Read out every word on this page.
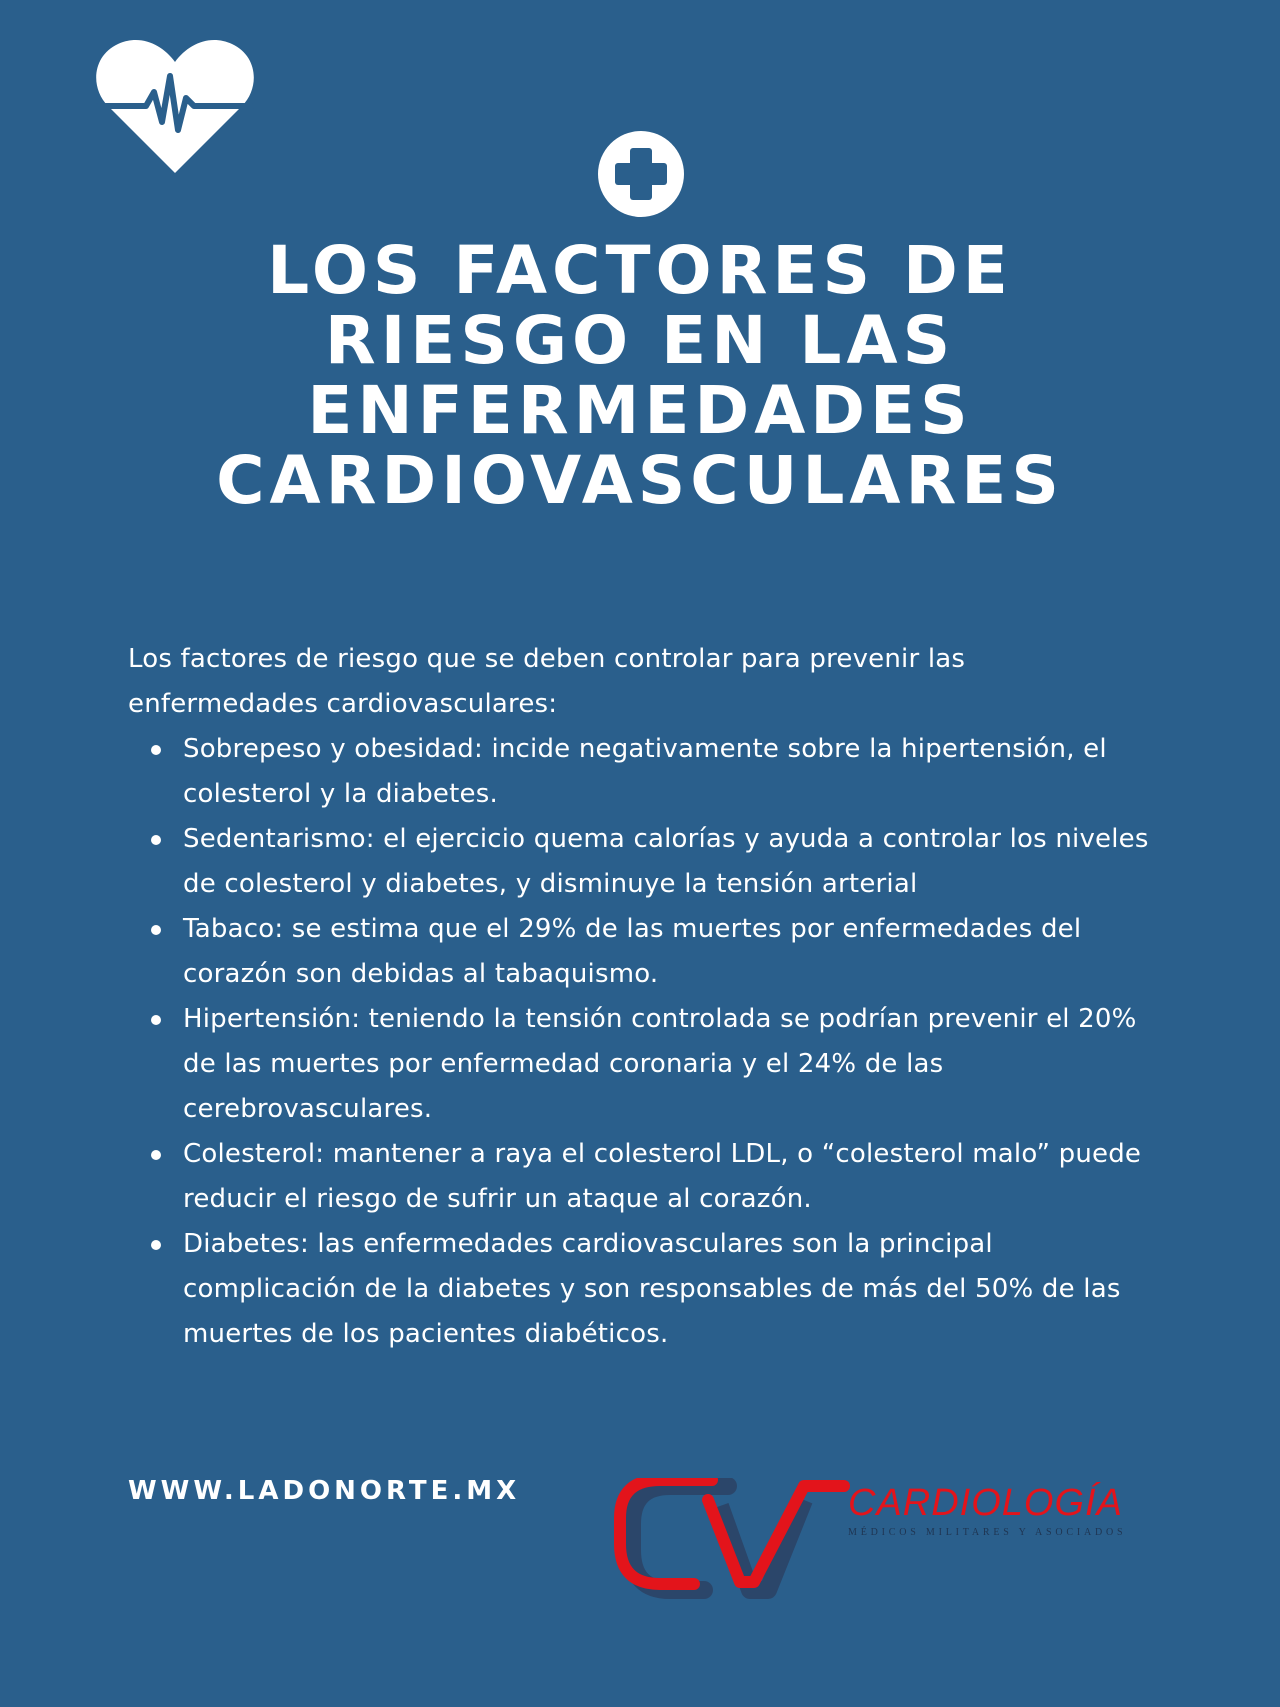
LOS FACTORES DE
RIESGO EN LAS
ENFERMEDADES
CARDIOVASCULARES

Los factores de riesgo que se deben controlar para prevenir las enfermedades cardiovasculares:

Sobrepeso y obesidad: incide negativamente sobre la hipertensión, el colesterol y la diabetes.
Sedentarismo: el ejercicio quema calorías y ayuda a controlar los niveles de colesterol y diabetes, y disminuye la tensión arterial
Tabaco: se estima que el 29% de las muertes por enfermedades del corazón son debidas al tabaquismo.
Hipertensión: teniendo la tensión controlada se podrían prevenir el 20% de las muertes por enfermedad coronaria y el 24% de las cerebrovasculares.
Colesterol: mantener a raya el colesterol LDL, o “colesterol malo” puede reducir el riesgo de sufrir un ataque al corazón.
Diabetes: las enfermedades cardiovasculares son la principal complicación de la diabetes y son responsables de más del 50% de las muertes de los pacientes diabéticos.
WWW.LADONORTE.MX	CARDIOLOGÍA
MÉDICOS MILITARES Y ASOCIADOS
